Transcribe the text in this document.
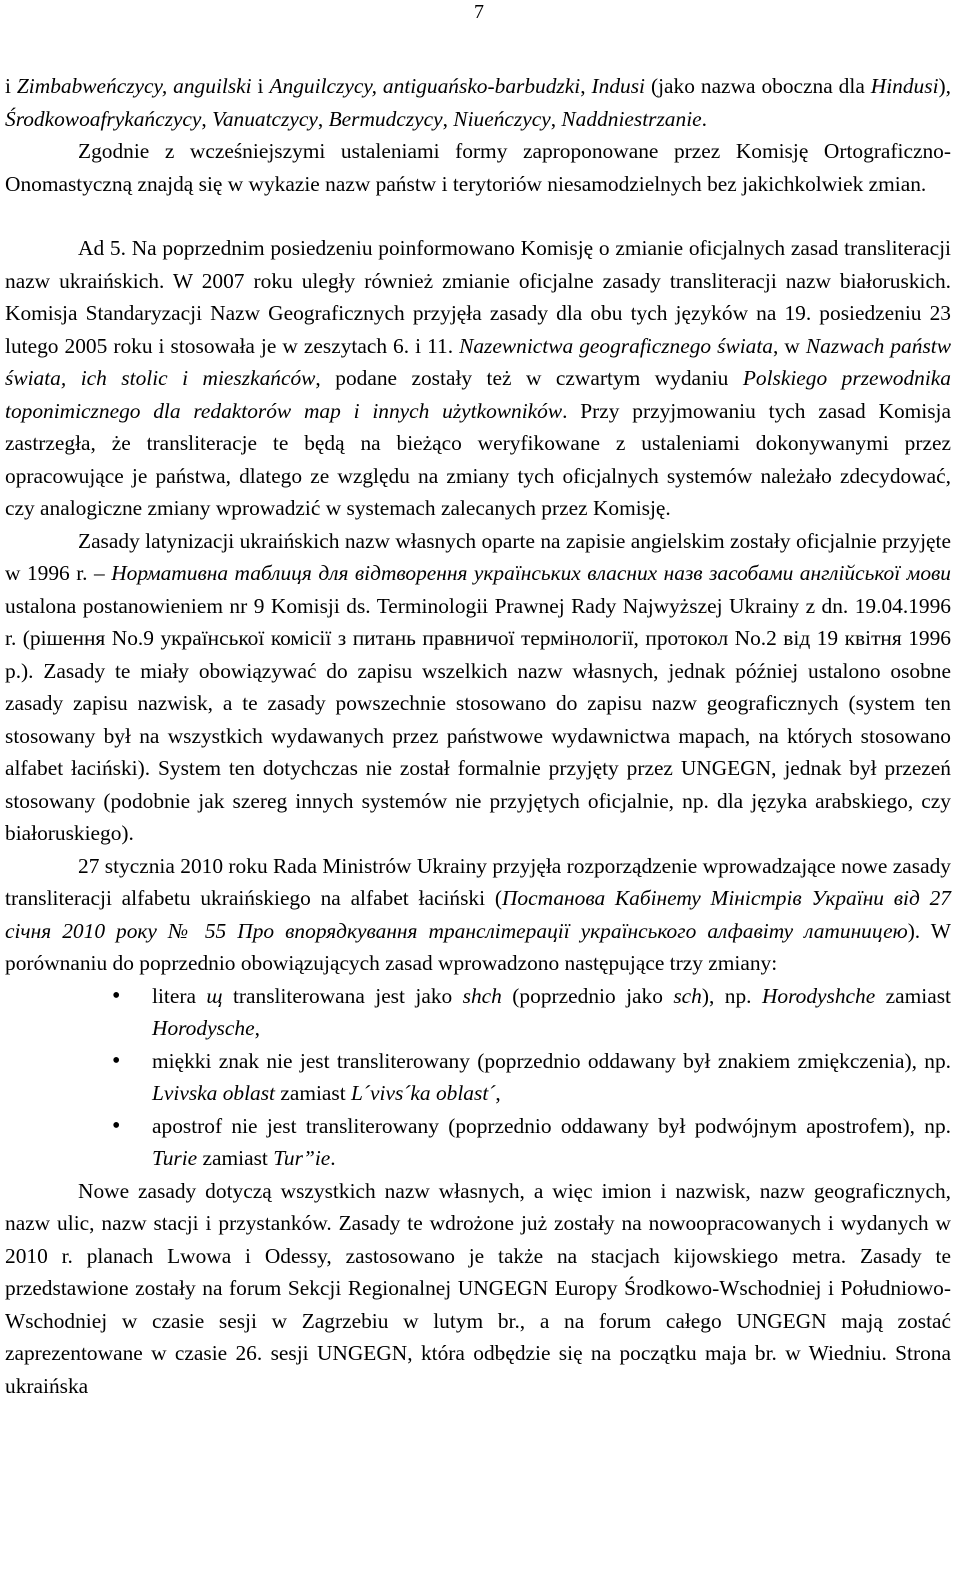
7

i Zimbabweńczycy, anguilski i Anguilczycy, antiguańsko-barbudzki, Indusi (jako nazwa oboczna dla Hindusi), Środkowoafrykańczycy, Vanuatczycy, Bermudczycy, Niueńczycy, Naddniestrzanie.

Zgodnie z wcześniejszymi ustaleniami formy zaproponowane przez Komisję Ortograficzno-Onomastyczną znajdą się w wykazie nazw państw i terytoriów niesamodzielnych bez jakichkolwiek zmian.

Ad 5. Na poprzednim posiedzeniu poinformowano Komisję o zmianie oficjalnych zasad transliteracji nazw ukraińskich. W 2007 roku uległy również zmianie oficjalne zasady transliteracji nazw białoruskich. Komisja Standaryzacji Nazw Geograficznych przyjęła zasady dla obu tych języków na 19. posiedzeniu 23 lutego 2005 roku i stosowała je w zeszytach 6. i 11. Nazewnictwa geograficznego świata, w Nazwach państw świata, ich stolic i mieszkańców, podane zostały też w czwartym wydaniu Polskiego przewodnika toponimicznego dla redaktorów map i innych użytkowników. Przy przyjmowaniu tych zasad Komisja zastrzegła, że transliteracje te będą na bieżąco weryfikowane z ustaleniami dokonywanymi przez opracowujące je państwa, dlatego ze względu na zmiany tych oficjalnych systemów należało zdecydować, czy analogiczne zmiany wprowadzić w systemach zalecanych przez Komisję.

Zasady latynizacji ukraińskich nazw własnych oparte na zapisie angielskim zostały oficjalnie przyjęte w 1996 r. – Нормативна таблиця для відтворення українських власних назв засобами англійської мови ustalona postanowieniem nr 9 Komisji ds. Terminologii Prawnej Rady Najwyższej Ukrainy z dn. 19.04.1996 r. (рішення No.9 української комісії з питань правничої термінології, протокол No.2 від 19 квітня 1996 р.). Zasady te miały obowiązywać do zapisu wszelkich nazw własnych, jednak później ustalono osobne zasady zapisu nazwisk, a te zasady powszechnie stosowano do zapisu nazw geograficznych (system ten stosowany był na wszystkich wydawanych przez państwowe wydawnictwa mapach, na których stosowano alfabet łaciński). System ten dotychczas nie został formalnie przyjęty przez UNGEGN, jednak był przezeń stosowany (podobnie jak szereg innych systemów nie przyjętych oficjalnie, np. dla języka arabskiego, czy białoruskiego).

27 stycznia 2010 roku Rada Ministrów Ukrainy przyjęła rozporządzenie wprowadzające nowe zasady transliteracji alfabetu ukraińskiego na alfabet łaciński (Постанова Кабінету Міністрів України від 27 січня 2010 року № 55 Про впорядкування транслітерації українського алфавіту латиницею). W porównaniu do poprzednio obowiązujących zasad wprowadzono następujące trzy zmiany:

• litera щ transliterowana jest jako shch (poprzednio jako sch), np. Horodyshche zamiast Horodysche,
• miękki znak nie jest transliterowany (poprzednio oddawany był znakiem zmiękczenia), np. Lvivska oblast zamiast L´vivs´ka oblast´,
• apostrof nie jest transliterowany (poprzednio oddawany był podwójnym apostrofem), np. Turie zamiast Tur”ie.

Nowe zasady dotyczą wszystkich nazw własnych, a więc imion i nazwisk, nazw geograficznych, nazw ulic, nazw stacji i przystanków. Zasady te wdrożone już zostały na nowoopracowanych i wydanych w 2010 r. planach Lwowa i Odessy, zastosowano je także na stacjach kijowskiego metra. Zasady te przedstawione zostały na forum Sekcji Regionalnej UNGEGN Europy Środkowo-Wschodniej i Południowo-Wschodniej w czasie sesji w Zagrzebiu w lutym br., a na forum całego UNGEGN mają zostać zaprezentowane w czasie 26. sesji UNGEGN, która odbędzie się na początku maja br. w Wiedniu. Strona ukraińska
